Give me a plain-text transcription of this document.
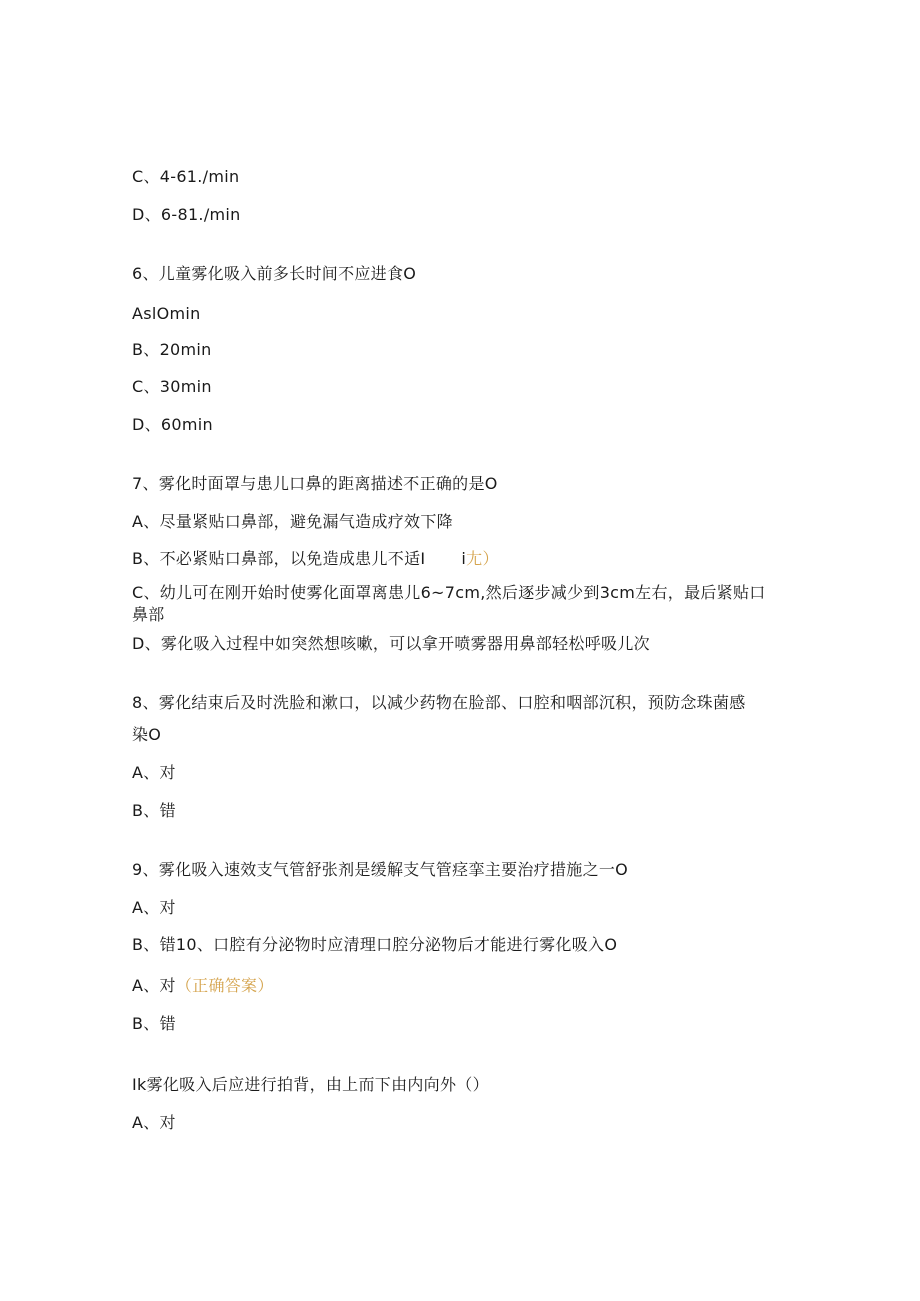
C、4-61./min
D、6-81./min
6、儿童雾化吸入前多长时间不应进食O
AslOmin
B、20min
C、30min
D、60min
7、雾化时面罩与患儿口鼻的距离描述不正确的是O
A、尽量紧贴口鼻部，避免漏气造成疗效下降
B、不必紧贴口鼻部，以免造成患儿不适I i尢）
C、幼儿可在刚开始时使雾化面罩离患儿6~7cm,然后逐步减少到3cm左右，最后紧贴口鼻部
D、雾化吸入过程中如突然想咳嗽，可以拿开喷雾器用鼻部轻松呼吸儿次
8、雾化结束后及时洗脸和漱口，以减少药物在脸部、口腔和咽部沉积，预防念珠菌感
染O
A、对
B、错
9、雾化吸入速效支气管舒张剂是缓解支气管痉挛主要治疗措施之一O
A、对
B、错10、口腔有分泌物时应清理口腔分泌物后才能进行雾化吸入O
A、对（正确答案）
B、错
Ik雾化吸入后应进行拍背，由上而下由内向外（）
A、对
